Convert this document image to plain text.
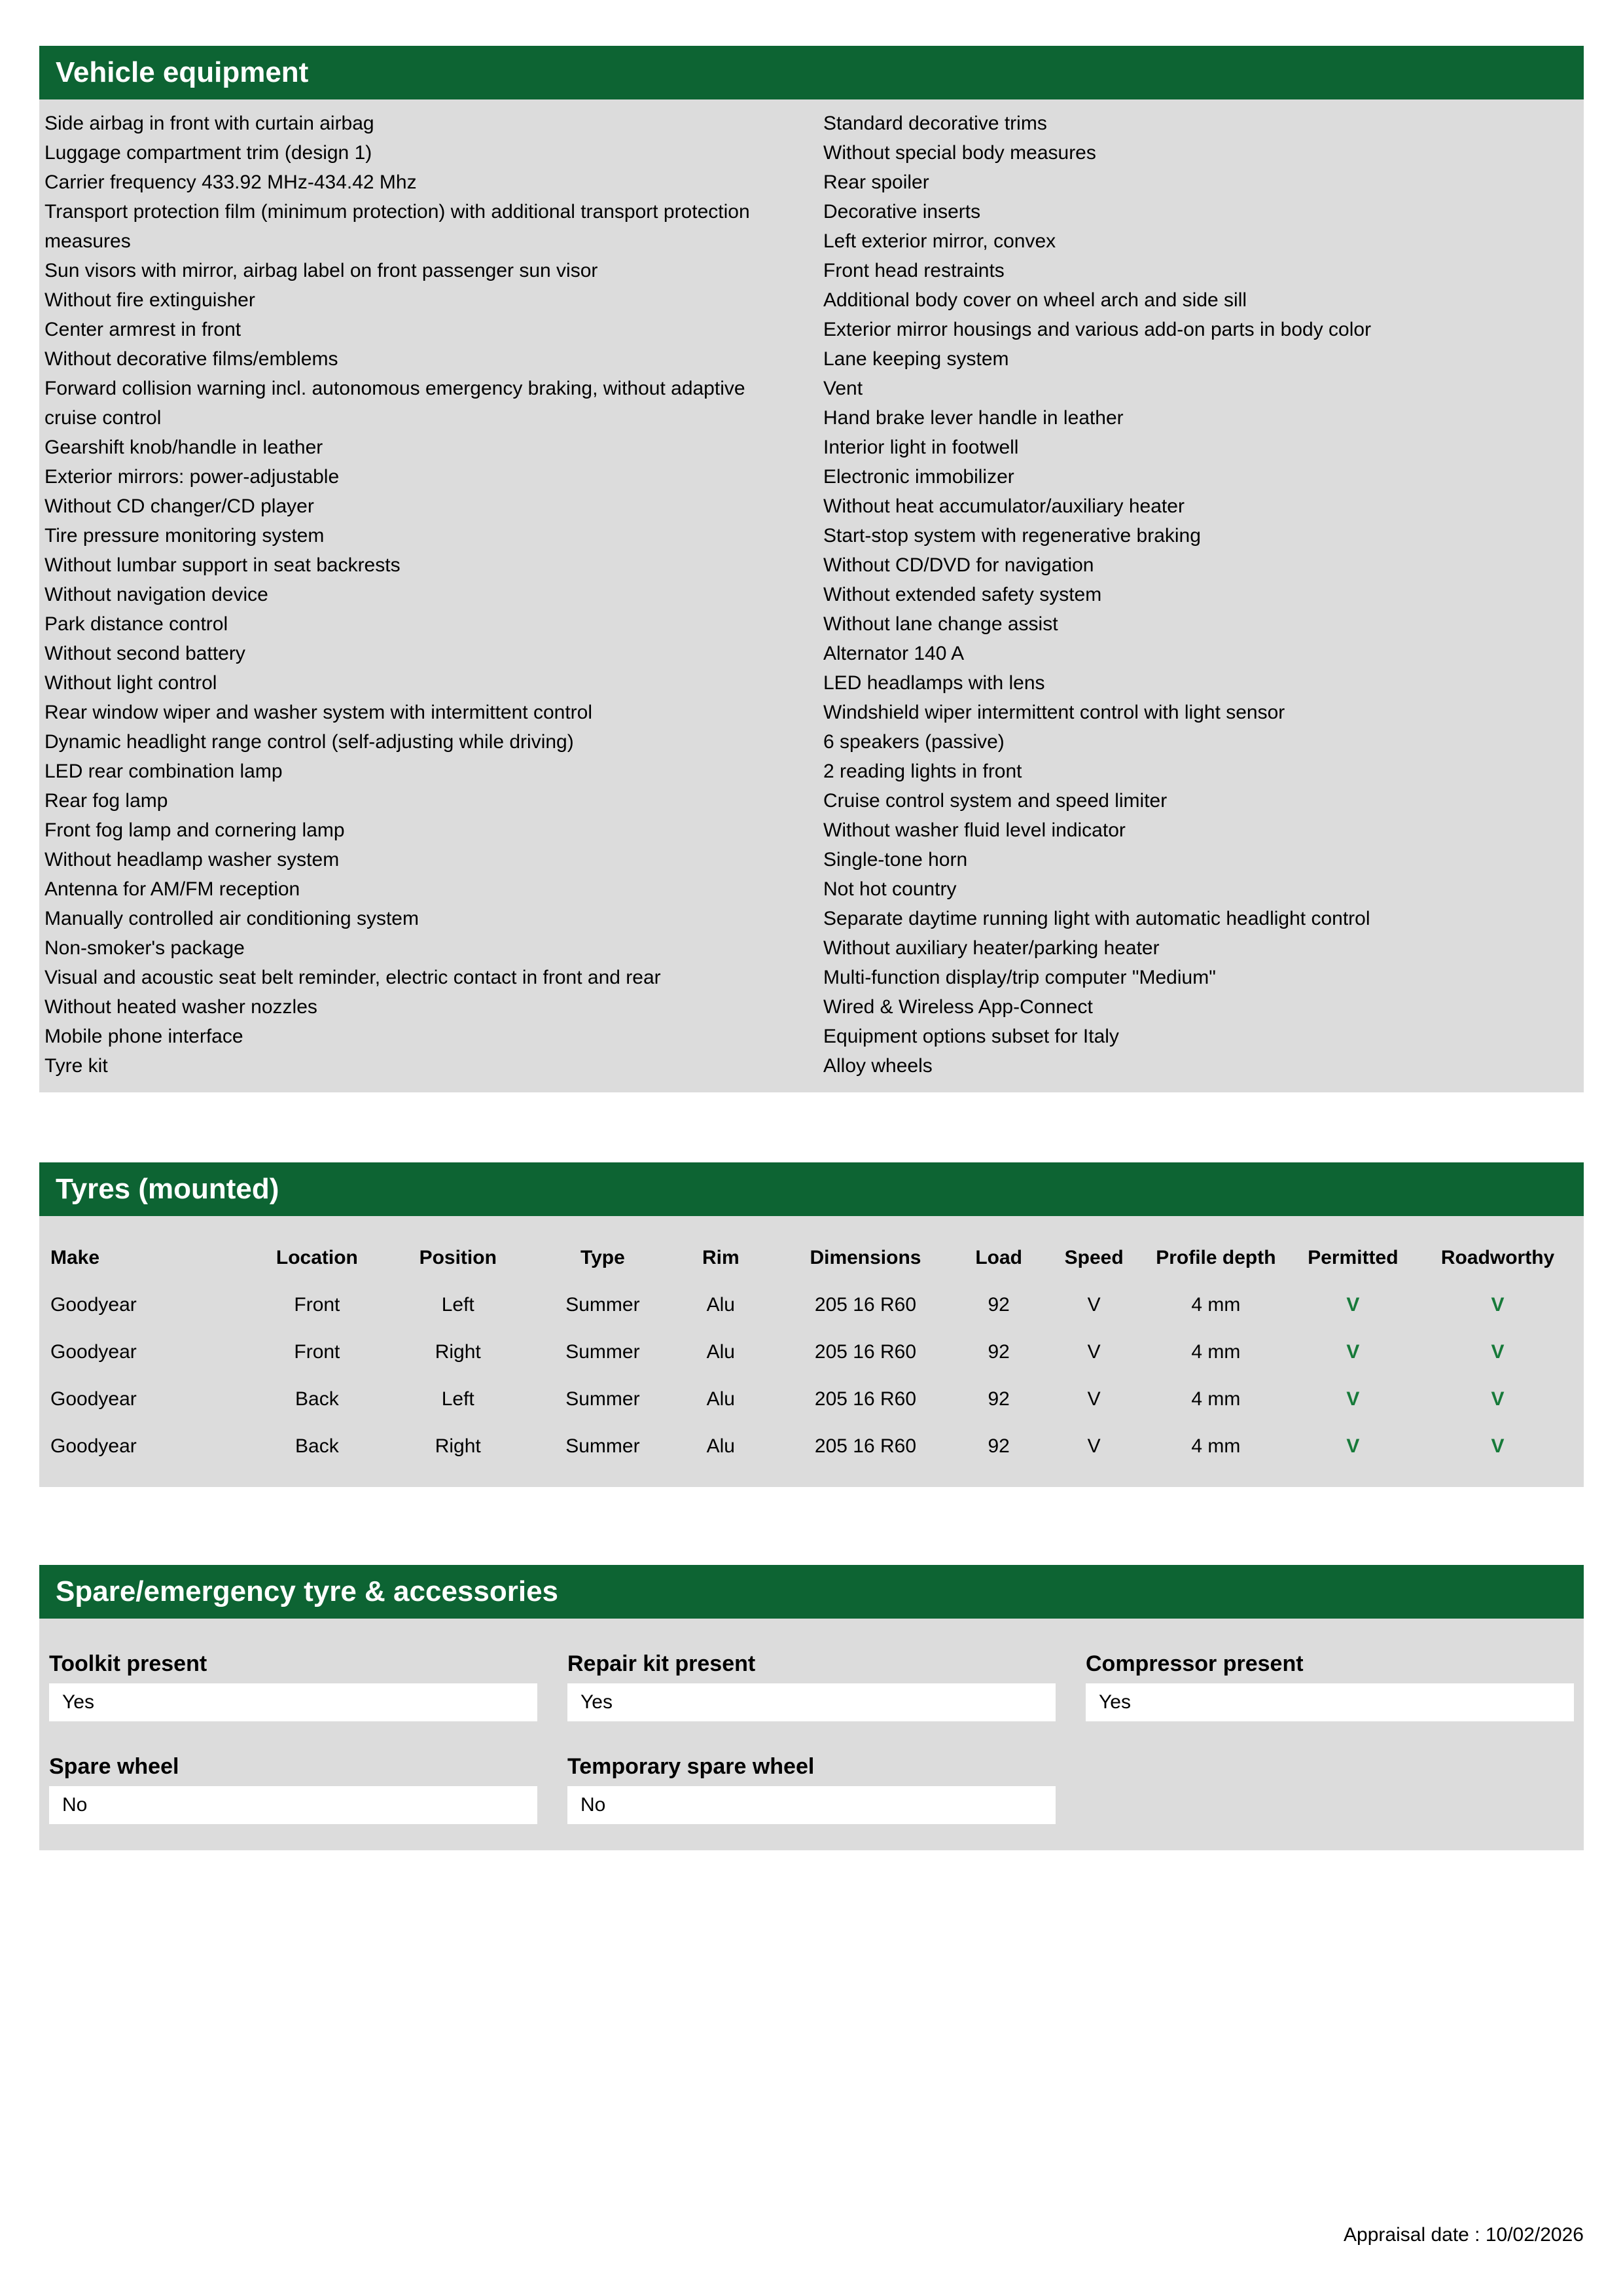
Vehicle equipment
Side airbag in front with curtain airbag
Luggage compartment trim (design 1)
Carrier frequency 433.92 MHz-434.42 Mhz
Transport protection film (minimum protection) with additional transport protection measures
Sun visors with mirror, airbag label on front passenger sun visor
Without fire extinguisher
Center armrest in front
Without decorative films/emblems
Forward collision warning incl. autonomous emergency braking, without adaptive cruise control
Gearshift knob/handle in leather
Exterior mirrors: power-adjustable
Without CD changer/CD player
Tire pressure monitoring system
Without lumbar support in seat backrests
Without navigation device
Park distance control
Without second battery
Without light control
Rear window wiper and washer system with intermittent control
Dynamic headlight range control (self-adjusting while driving)
LED rear combination lamp
Rear fog lamp
Front fog lamp and cornering lamp
Without headlamp washer system
Antenna for AM/FM reception
Manually controlled air conditioning system
Non-smoker's package
Visual and acoustic seat belt reminder, electric contact in front and rear
Without heated washer nozzles
Mobile phone interface
Tyre kit
Standard decorative trims
Without special body measures
Rear spoiler
Decorative inserts
Left exterior mirror, convex
Front head restraints
Additional body cover on wheel arch and side sill
Exterior mirror housings and various add-on parts in body color
Lane keeping system
Vent
Hand brake lever handle in leather
Interior light in footwell
Electronic immobilizer
Without heat accumulator/auxiliary heater
Start-stop system with regenerative braking
Without CD/DVD for navigation
Without extended safety system
Without lane change assist
Alternator 140 A
LED headlamps with lens
Windshield wiper intermittent control with light sensor
6 speakers (passive)
2 reading lights in front
Cruise control system and speed limiter
Without washer fluid level indicator
Single-tone horn
Not hot country
Separate daytime running light with automatic headlight control
Without auxiliary heater/parking heater
Multi-function display/trip computer "Medium"
Wired & Wireless App-Connect
Equipment options subset for Italy
Alloy wheels
Tyres (mounted)
Make	Location	Position	Type	Rim	Dimensions	Load	Speed	Profile depth	Permitted	Roadworthy
Goodyear	Front	Left	Summer	Alu	205 16 R60	92	V	4 mm	V	V
Goodyear	Front	Right	Summer	Alu	205 16 R60	92	V	4 mm	V	V
Goodyear	Back	Left	Summer	Alu	205 16 R60	92	V	4 mm	V	V
Goodyear	Back	Right	Summer	Alu	205 16 R60	92	V	4 mm	V	V
Spare/emergency tyre & accessories
Toolkit present
Yes
Repair kit present
Yes
Compressor present
Yes
Spare wheel
No
Temporary spare wheel
No
Appraisal date : 10/02/2026
